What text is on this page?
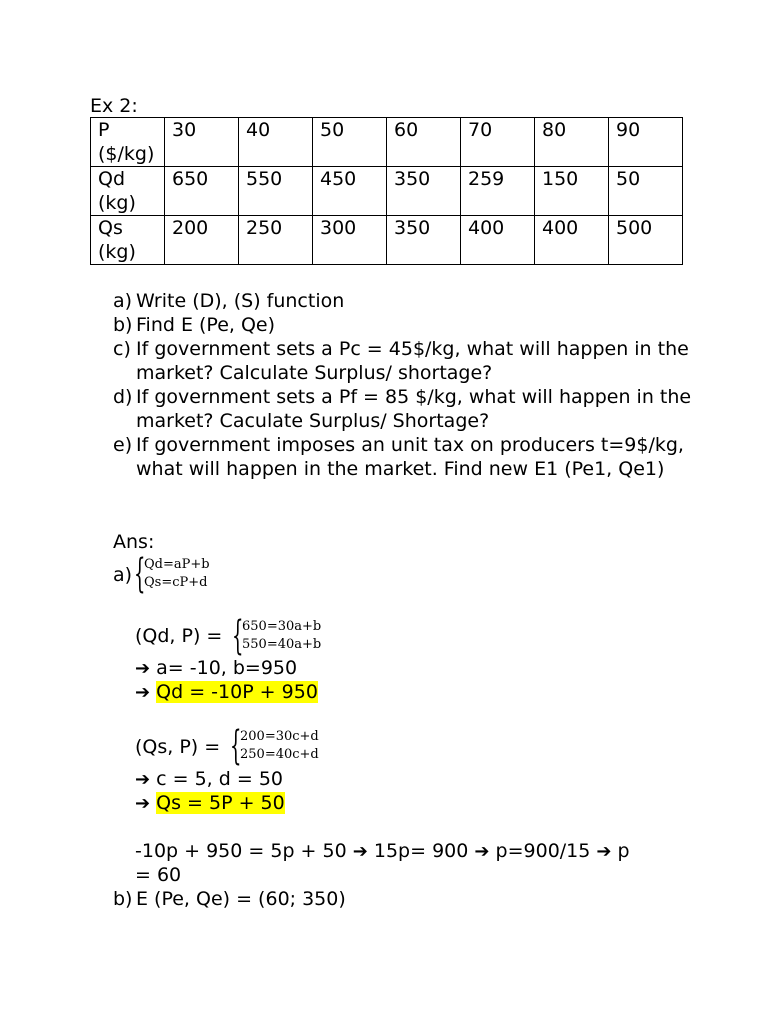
Ex 2:
P ($/kg)	30	40	50	60	70	80	90
Qd (kg)	650	550	450	350	259	150	50
Qs (kg)	200	250	300	350	400	400	500
a) Write (D), (S) function
b) Find E (Pe, Qe)
c) If government sets a Pc = 45$/kg, what will happen in the market? Calculate Surplus/ shortage?
d) If government sets a Pf = 85 $/kg, what will happen in the market? Caculate Surplus/ Shortage?
e) If government imposes an unit tax on producers t=9$/kg, what will happen in the market. Find new E1 (Pe1, Qe1)
Ans:
a) {
Qd=aP+b
Qs=cP+d
(Qd, P) = {
650=30a+b
550=40a+b
➔ a= -10, b=950
➔ Qd = -10P + 950
(Qs, P) = {
200=30c+d
250=40c+d
➔ c = 5, d = 50
➔ Qs = 5P + 50
-10p + 950 = 5p + 50 ➔ 15p= 900 ➔ p=900/15 ➔ p
= 60
b) E (Pe, Qe) = (60; 350)
